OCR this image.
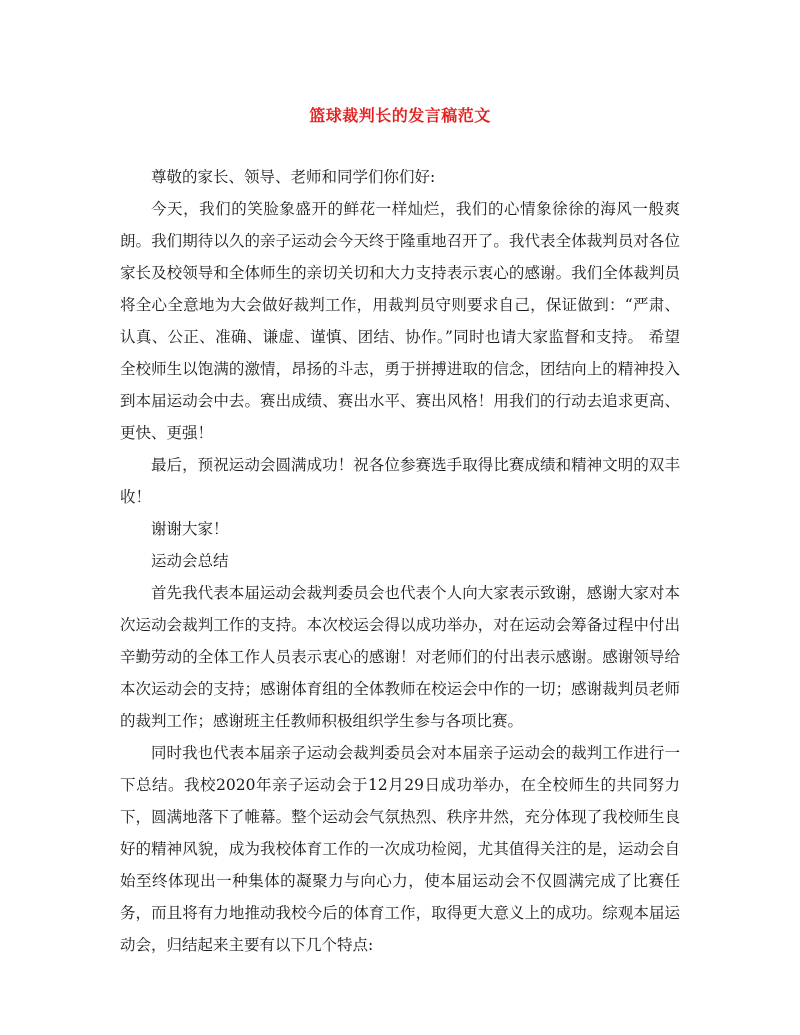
篮球裁判长的发言稿范文

尊敬的家长、领导、老师和同学们你们好:

今天，我们的笑脸象盛开的鲜花一样灿烂，我们的心情象徐徐的海风一般爽朗。我们期待以久的亲子运动会今天终于隆重地召开了。我代表全体裁判员对各位家长及校领导和全体师生的亲切关切和大力支持表示衷心的感谢。我们全体裁判员将全心全意地为大会做好裁判工作，用裁判员守则要求自己，保证做到：“严肃、认真、公正、准确、谦虚、谨慎、团结、协作。”同时也请大家监督和支持。 希望全校师生以饱满的激情，昂扬的斗志，勇于拼搏进取的信念，团结向上的精神投入到本届运动会中去。赛出成绩、赛出水平、赛出风格！用我们的行动去追求更高、更快、更强！

最后，预祝运动会圆满成功！祝各位参赛选手取得比赛成绩和精神文明的双丰收！

谢谢大家！

运动会总结

首先我代表本届运动会裁判委员会也代表个人向大家表示致谢，感谢大家对本次运动会裁判工作的支持。本次校运会得以成功举办，对在运动会筹备过程中付出辛勤劳动的全体工作人员表示衷心的感谢！对老师们的付出表示感谢。感谢领导给本次运动会的支持；感谢体育组的全体教师在校运会中作的一切；感谢裁判员老师的裁判工作；感谢班主任教师积极组织学生参与各项比赛。

同时我也代表本届亲子运动会裁判委员会对本届亲子运动会的裁判工作进行一下总结。我校2020年亲子运动会于12月29日成功举办，在全校师生的共同努力下，圆满地落下了帷幕。整个运动会气氛热烈、秩序井然，充分体现了我校师生良好的精神风貌，成为我校体育工作的一次成功检阅，尤其值得关注的是，运动会自始至终体现出一种集体的凝聚力与向心力，使本届运动会不仅圆满完成了比赛任务，而且将有力地推动我校今后的体育工作，取得更大意义上的成功。综观本届运动会，归结起来主要有以下几个特点:
